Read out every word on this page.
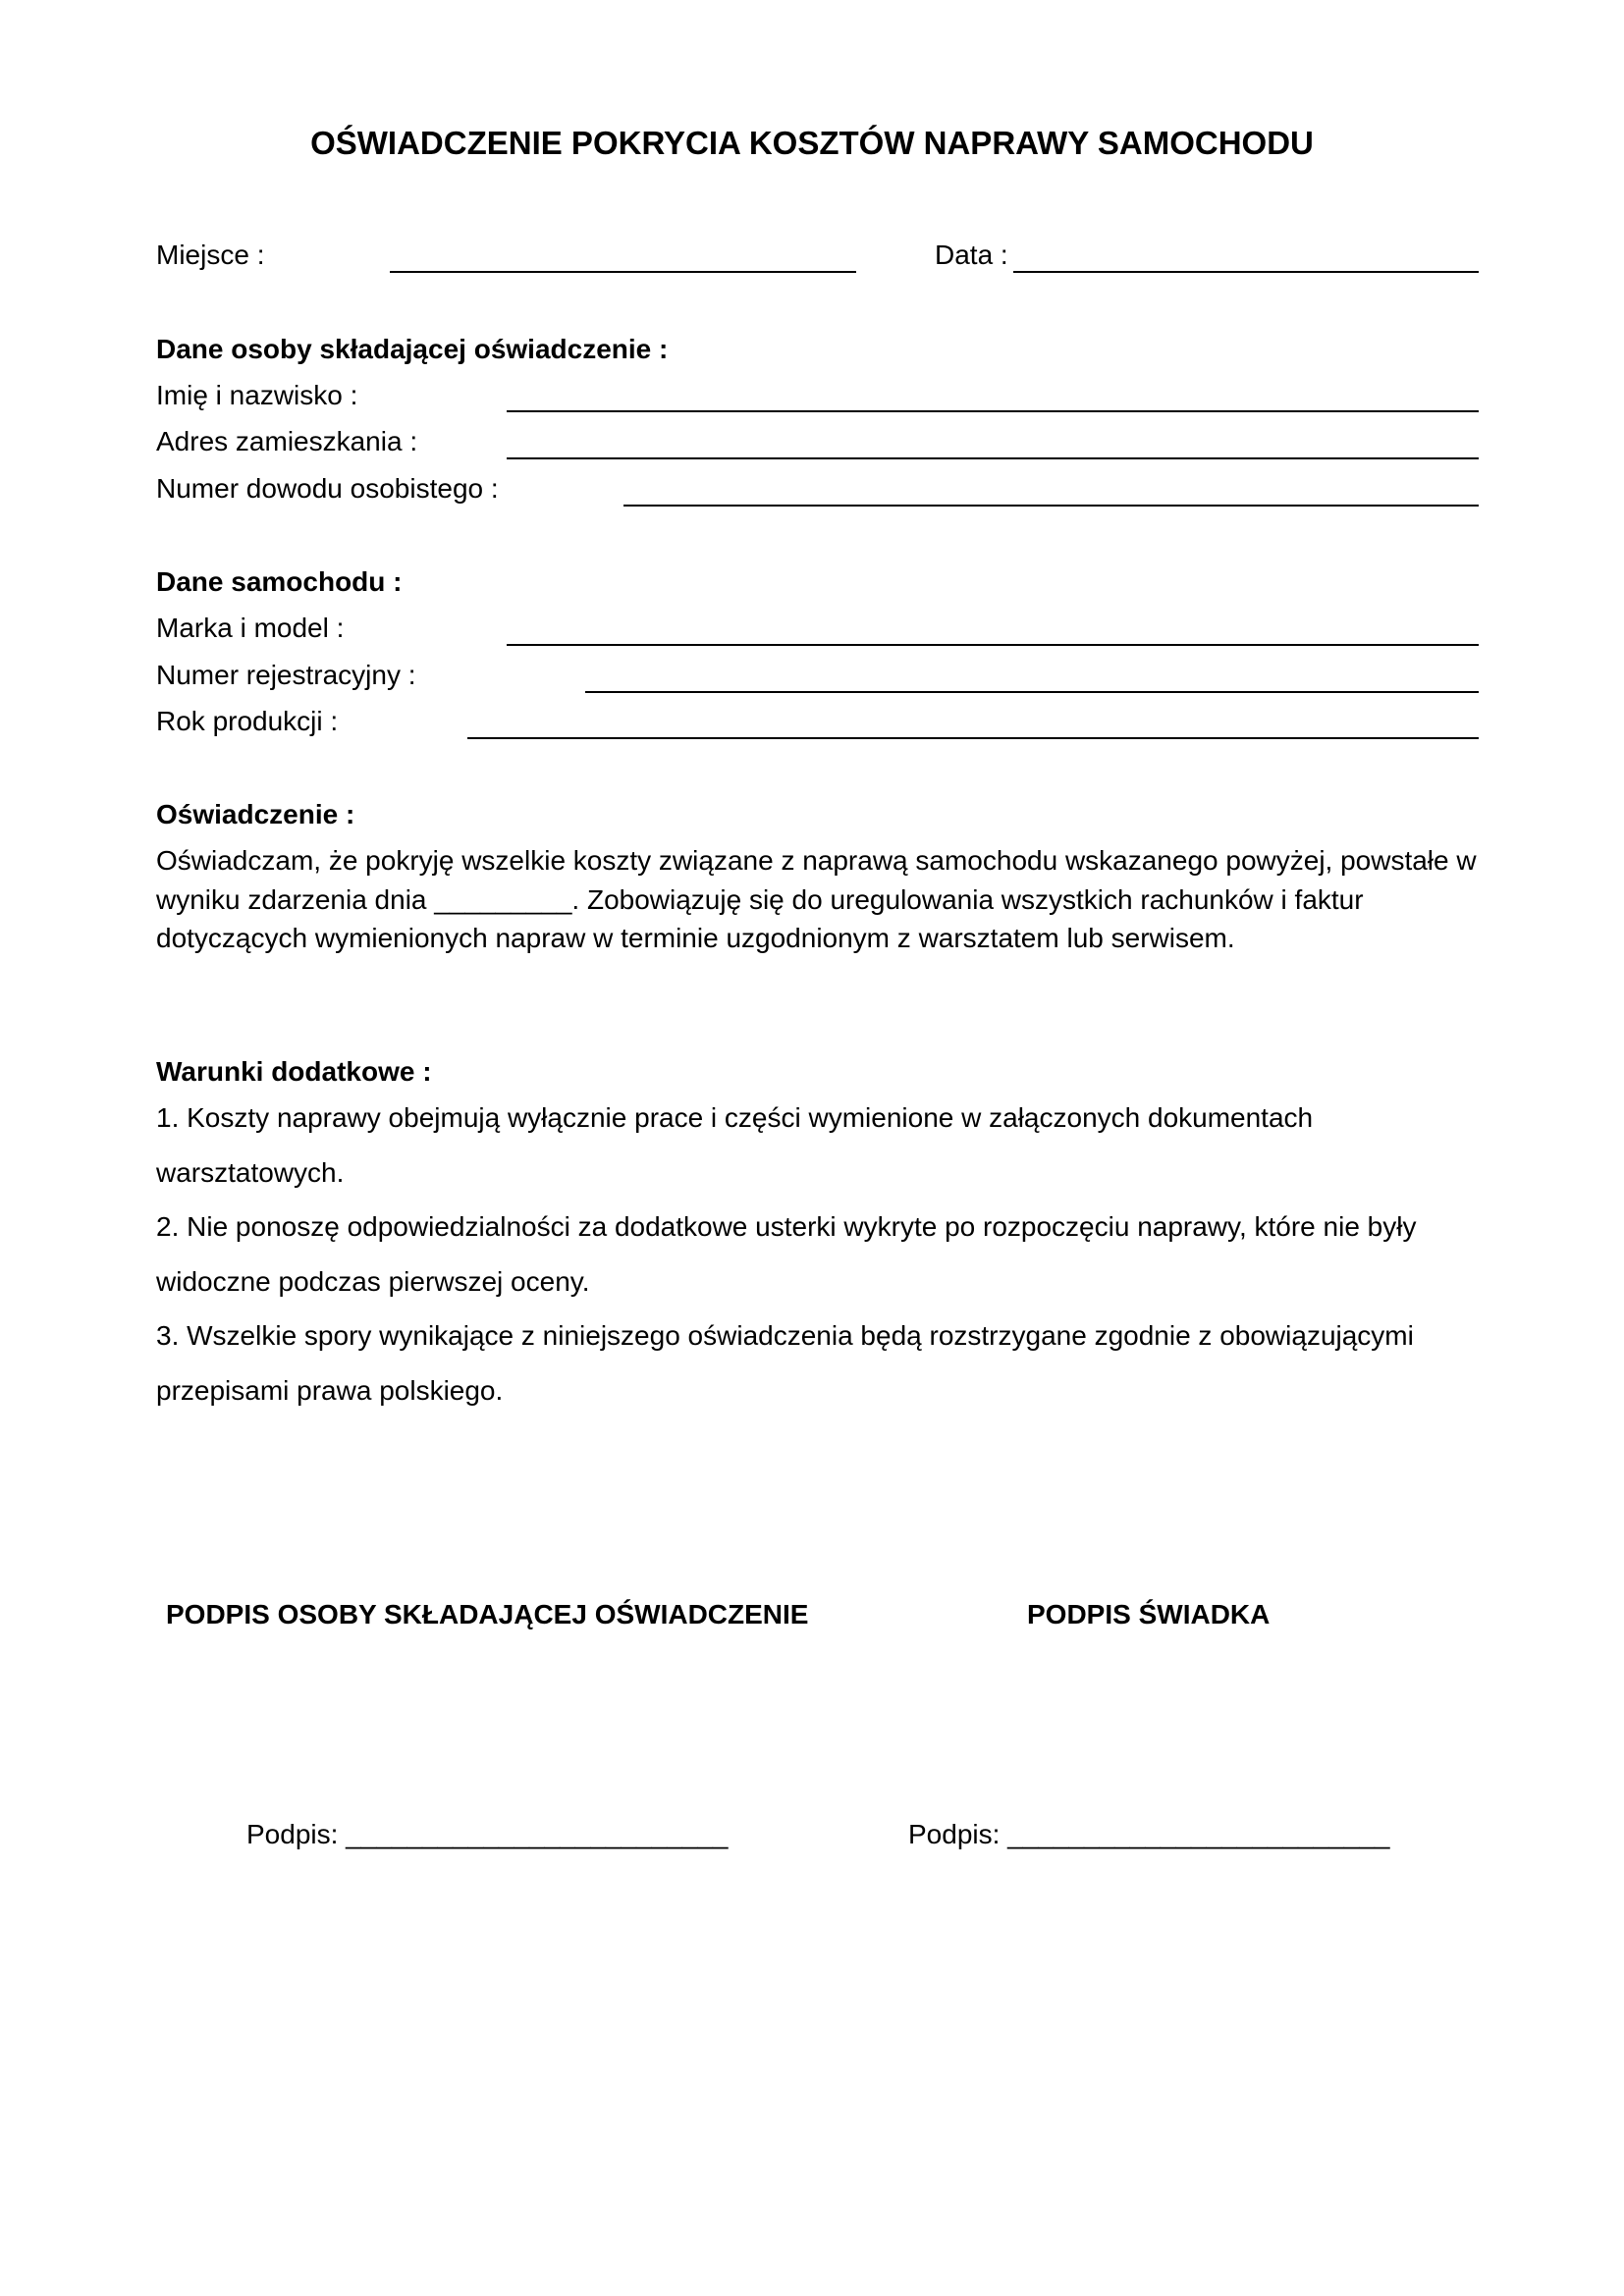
OŚWIADCZENIE POKRYCIA KOSZTÓW NAPRAWY SAMOCHODU
Miejsce :	Data :
Dane osoby składającej oświadczenie :
Imię i nazwisko :
Adres zamieszkania :
Numer dowodu osobistego :
Dane samochodu :
Marka i model :
Numer rejestracyjny :
Rok produkcji :
Oświadczenie :
Oświadczam, że pokryję wszelkie koszty związane z naprawą samochodu wskazanego powyżej, powstałe w
wyniku zdarzenia dnia _________. Zobowiązuję się do uregulowania wszystkich rachunków i faktur
dotyczących wymienionych napraw w terminie uzgodnionym z warsztatem lub serwisem.
Warunki dodatkowe :
1. Koszty naprawy obejmują wyłącznie prace i części wymienione w załączonych dokumentach
warsztatowych.
2. Nie ponoszę odpowiedzialności za dodatkowe usterki wykryte po rozpoczęciu naprawy, które nie były
widoczne podczas pierwszej oceny.
3. Wszelkie spory wynikające z niniejszego oświadczenia będą rozstrzygane zgodnie z obowiązującymi
przepisami prawa polskiego.
PODPIS OSOBY SKŁADAJĄCEJ OŚWIADCZENIE	PODPIS ŚWIADKA
Podpis: _________________________	Podpis: _________________________
